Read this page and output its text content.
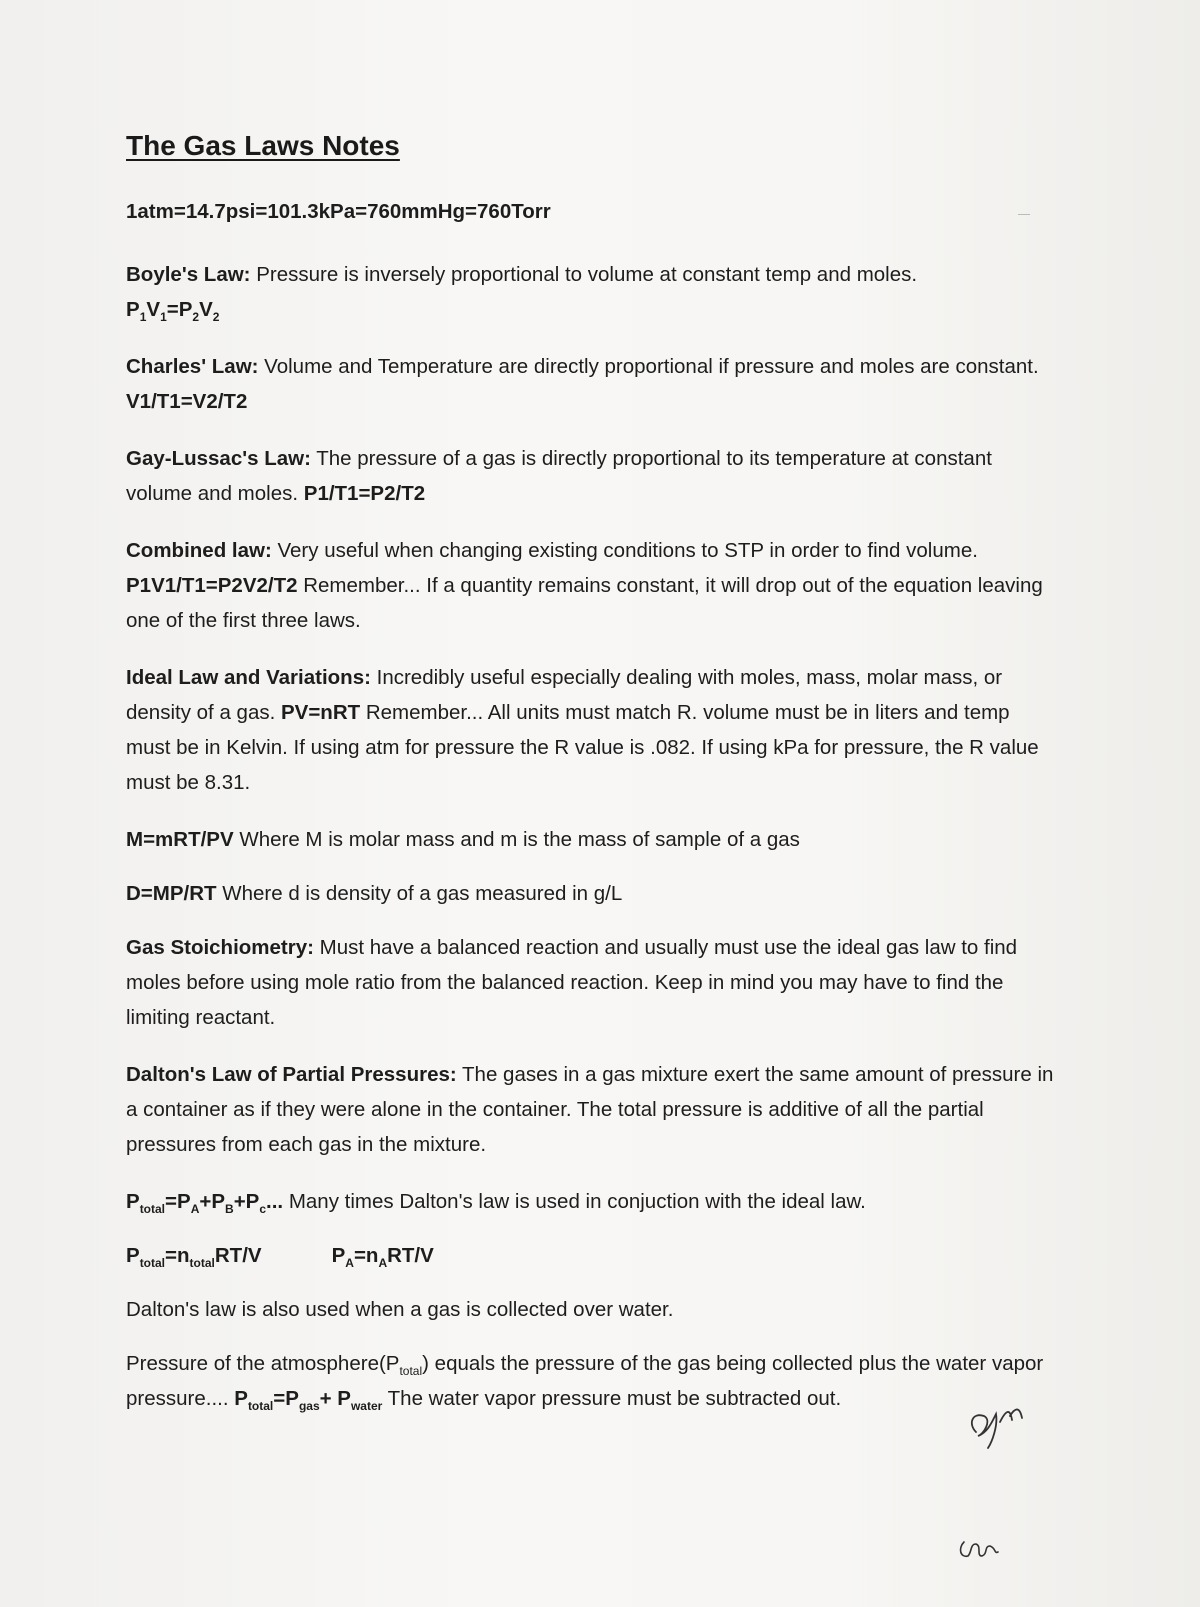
The Gas Laws Notes
1atm=14.7psi=101.3kPa=760mmHg=760Torr
Boyle's Law: Pressure is inversely proportional to volume at constant temp and moles.
$P_1V_1=P_2V_2$
Charles' Law: Volume and Temperature are directly proportional if pressure and moles are constant. V1/T1=V2/T2
Gay-Lussac's Law: The pressure of a gas is directly proportional to its temperature at constant volume and moles. P1/T1=P2/T2
Combined law: Very useful when changing existing conditions to STP in order to find volume. P1V1/T1=P2V2/T2 Remember... If a quantity remains constant, it will drop out of the equation leaving one of the first three laws.
Ideal Law and Variations: Incredibly useful especially dealing with moles, mass, molar mass, or density of a gas. PV=nRT Remember... All units must match R. volume must be in liters and temp must be in Kelvin. If using atm for pressure the R value is .082. If using kPa for pressure, the R value must be 8.31.
M=mRT/PV Where M is molar mass and m is the mass of sample of a gas
D=MP/RT Where d is density of a gas measured in g/L
Gas Stoichiometry: Must have a balanced reaction and usually must use the ideal gas law to find moles before using mole ratio from the balanced reaction. Keep in mind you may have to find the limiting reactant.
Dalton's Law of Partial Pressures: The gases in a gas mixture exert the same amount of pressure in a container as if they were alone in the container. The total pressure is additive of all the partial pressures from each gas in the mixture.
$P_{total}=P_A+P_B+P_c$... Many times Dalton's law is used in conjuction with the ideal law.
$P_{total}=n_{total}RT/V$	$P_A=n_ART/V$
Dalton's law is also used when a gas is collected over water.
Pressure of the $atmosphere(P_{total})$ equals the pressure of the gas being collected plus the water vapor pressure.... $P_{total}=P_{gas}+ P_{water}$ The water vapor pressure must be subtracted out.
